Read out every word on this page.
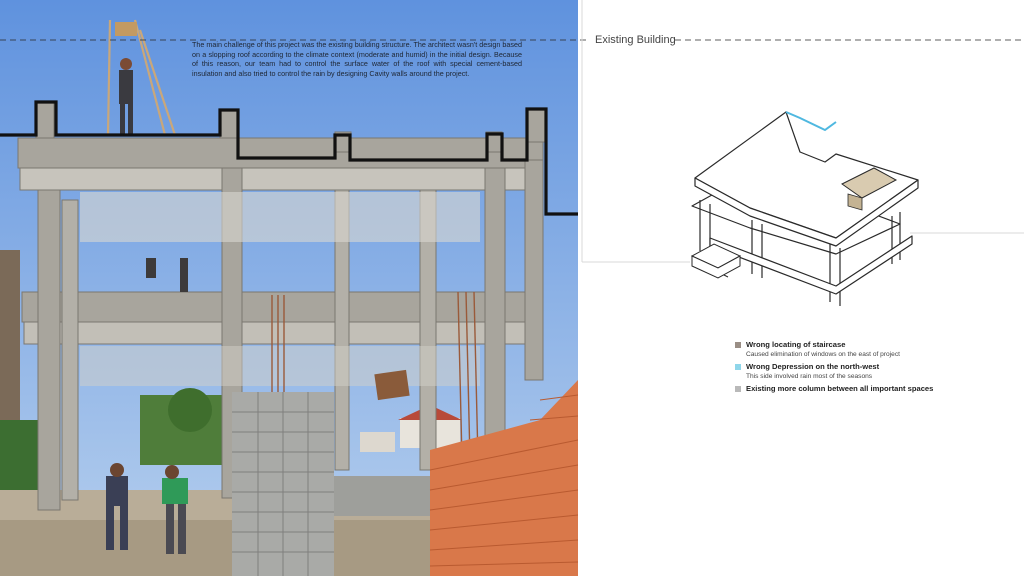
The main challenge of this project was the existing building structure. The architect wasn't design based on a slopping roof according to the climate context (moderate and humid) in the initial design. Because of this reason, our team had to control the surface water of the roof with special cement-based insulation and also tried to control the rain by designing Cavity walls around the project.

Existing Building
Wrong locating of staircase
Caused elimination of windows on the east of project
Wrong Depression on the north-west
This side involved rain most of the seasons
Existing more column between all important spaces
